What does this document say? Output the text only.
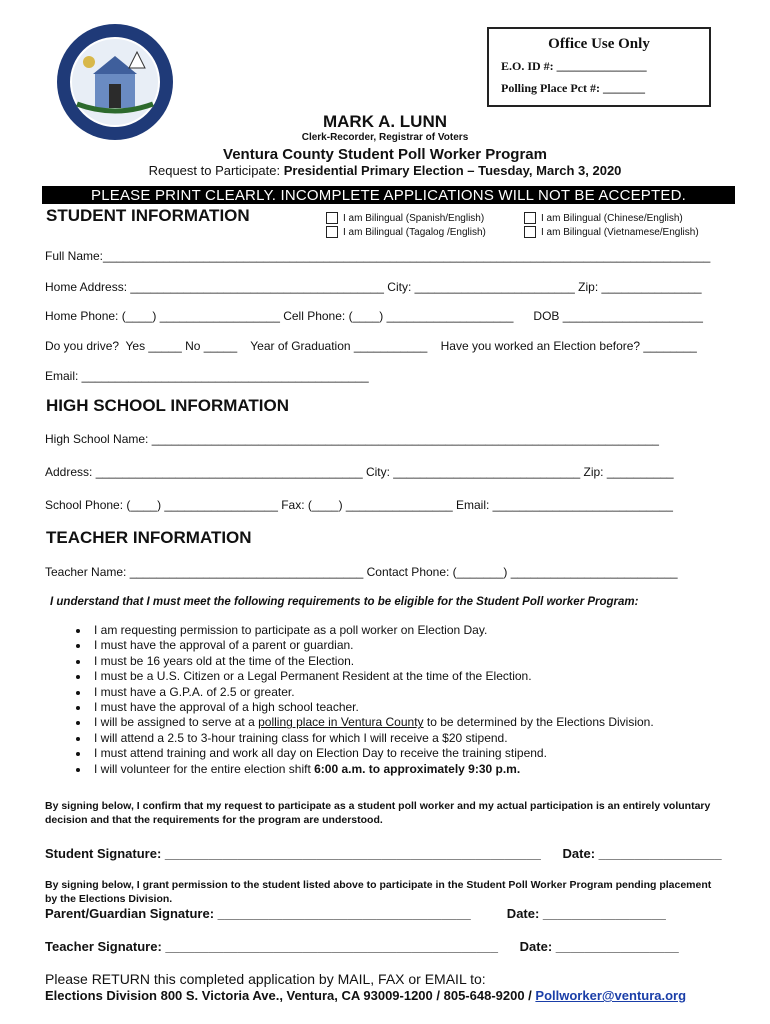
Office Use Only
E.O. ID #: _______________
Polling Place Pct #: _______
MARK A. LUNN
Clerk-Recorder, Registrar of Voters
Ventura County Student Poll Worker Program
Request to Participate: Presidential Primary Election – Tuesday, March 3, 2020
PLEASE PRINT CLEARLY. INCOMPLETE APPLICATIONS WILL NOT BE ACCEPTED.
STUDENT INFORMATION	I am Bilingual (Spanish/English)
I am Bilingual (Tagalog /English)
I am Bilingual (Chinese/English)
I am Bilingual (Vietnamese/English)
Full Name:___________________________________________________________________________________________
Home Address: ______________________________________ City: ________________________ Zip: _______________
Home Phone: (____) __________________ Cell Phone: (____) ___________________      DOB _____________________
Do you drive?  Yes _____ No _____    Year of Graduation ___________    Have you worked an Election before? ________
Email: ___________________________________________
HIGH SCHOOL INFORMATION
High School Name: ____________________________________________________________________________
Address: ________________________________________ City: ____________________________ Zip: __________
School Phone: (____) _________________ Fax: (____) ________________ Email: ___________________________
TEACHER INFORMATION
Teacher Name: ___________________________________ Contact Phone: (_______) _________________________
I understand that I must meet the following requirements to be eligible for the Student Poll worker Program:
• I am requesting permission to participate as a poll worker on Election Day.
• I must have the approval of a parent or guardian.
• I must be 16 years old at the time of the Election.
• I must be a U.S. Citizen or a Legal Permanent Resident at the time of the Election.
• I must have a G.P.A. of 2.5 or greater.
• I must have the approval of a high school teacher.
• I will be assigned to serve at a polling place in Ventura County to be determined by the Elections Division.
• I will attend a 2.5 to 3-hour training class for which I will receive a $20 stipend.
• I must attend training and work all day on Election Day to receive the training stipend.
• I will volunteer for the entire election shift 6:00 a.m. to approximately 9:30 p.m.
By signing below, I confirm that my request to participate as a student poll worker and my actual participation is an entirely voluntary decision and that the requirements for the program are understood.
Student Signature: ____________________________________________________      Date: _________________
By signing below, I grant permission to the student listed above to participate in the Student Poll Worker Program pending placement by the Elections Division.
Parent/Guardian Signature: ___________________________________          Date: _________________
Teacher Signature: ______________________________________________      Date: _________________
Please RETURN this completed application by MAIL, FAX or EMAIL to:
Elections Division 800 S. Victoria Ave., Ventura, CA 93009-1200 / 805-648-9200 / Pollworker@ventura.org
